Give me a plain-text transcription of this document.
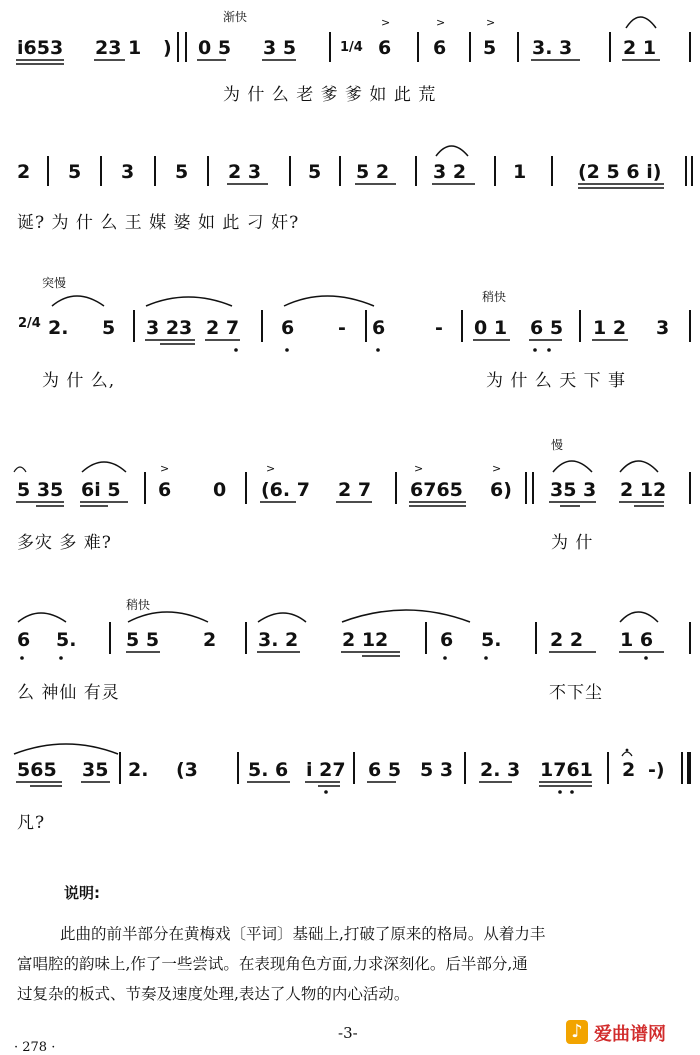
渐快
i653 23 1 ) 0 5 3 5	1/4 6 6 5 3. 3	2 1
为 什 么 老 爹 爹 如 此 荒
>	>	>
2 5 3 5 2 3 5 5 2 3 2 1	(2 5 6 i)
诞? 为 什 么 王 媒 婆 如 此 刁 奸?
突慢
稍快
2/4 2. 5 3 23 2 7 6 - 6	- 0 1 6 5 1 2 3
为 什 么,	为 什 么 天 下 事
慢
5 35 6i 5 6 0 (6. 7 2 7 6765 6) 35 3 2 12
多灾 多 难?	为 什
>	>	>	>
稍快
6 5.	5 5 2 3. 2 2 12	6 5.	2 2 1 6
么 神仙 有灵	不下尘
565 35 2. (3	5. 6 i 27 6 5 5 3 2. 3 1761 2 -)
凡?
说明:
此曲的前半部分在黄梅戏〔平词〕基础上,打破了原来的格局。从着力丰
富唱腔的韵味上,作了一些尝试。在表现角色方面,力求深刻化。后半部分,通
过复杂的板式、节奏及速度处理,表达了人物的内心活动。
-3-
· 278 ·
♪ 爱曲谱网
